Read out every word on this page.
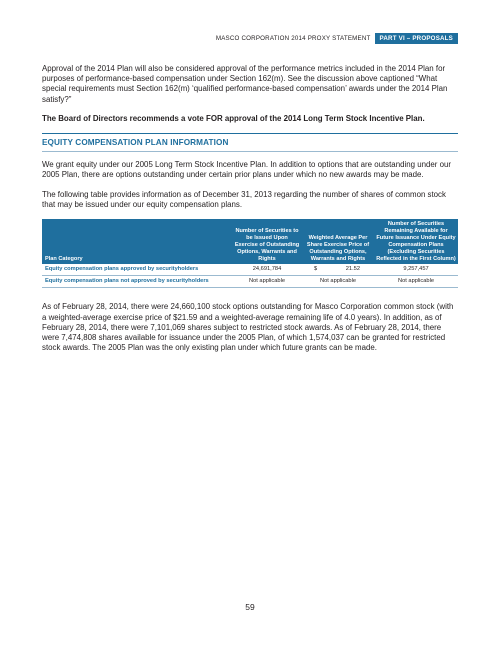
MASCO CORPORATION 2014 PROXY STATEMENT	PART VI – PROPOSALS

Approval of the 2014 Plan will also be considered approval of the performance metrics included in the 2014 Plan for purposes of performance-based compensation under Section 162(m). See the discussion above captioned “What special requirements must Section 162(m) ‘qualified performance-based compensation’ awards under the 2014 Plan satisfy?”

The Board of Directors recommends a vote FOR approval of the 2014 Long Term Stock Incentive Plan.

EQUITY COMPENSATION PLAN INFORMATION

We grant equity under our 2005 Long Term Stock Incentive Plan. In addition to options that are outstanding under our 2005 Plan, there are options outstanding under certain prior plans under which no new awards may be made.

The following table provides information as of December 31, 2013 regarding the number of shares of common stock that may be issued under our equity compensation plans.

Plan Category	Number of Securities to be Issued Upon Exercise of Outstanding Options, Warrants and Rights	Weighted Average Per Share Exercise Price of Outstanding Options, Warrants and Rights	Number of Securities Remaining Available for Future Issuance Under Equity Compensation Plans (Excluding Securities Reflected in the First Column)
Equity compensation plans approved by securityholders	24,691,784	$ 21.52	9,257,457
Equity compensation plans not approved by securityholders	Not applicable	Not applicable	Not applicable

As of February 28, 2014, there were 24,660,100 stock options outstanding for Masco Corporation common stock (with a weighted-average exercise price of $21.59 and a weighted-average remaining life of 4.0 years). In addition, as of February 28, 2014, there were 7,101,069 shares subject to restricted stock awards. As of February 28, 2014, there were 7,474,808 shares available for issuance under the 2005 Plan, of which 1,574,037 can be granted for restricted stock awards. The 2005 Plan was the only existing plan under which future grants can be made.

59
